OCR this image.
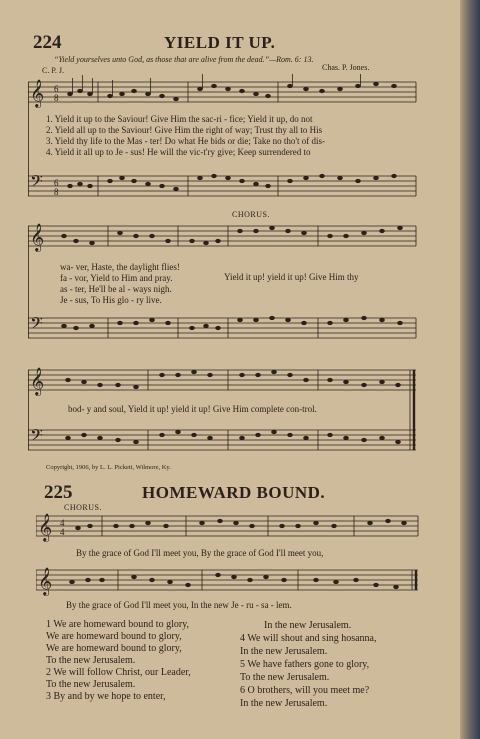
224	YIELD IT UP.
“Yield yourselves unto God, as those that are alive from the dead.”—Rom. 6: 13.
C. P. J.	Chas. P. Jones.
𝄞
𝄢
6
8
6
8
1. Yield it up to the Saviour! Give Him the sac-ri - fice; Yield it up, do not
2. Yield all up to the Saviour! Give Him the right of way; Trust thy all to His
3. Yield thy life to the Mas - ter! Do what He bids or die; Take no tho't of dis-
4. Yield it all up to Je - sus! He will the vic-t'ry give; Keep surrendered to
CHORUS.
𝄞
𝄢
wa- ver, Haste, the daylight flies!
fa - vor, Yield to Him and pray.
as - ter, He'll be al - ways nigh.
Je - sus, To His glo - ry live.
Yield it up! yield it up! Give Him thy
𝄞
𝄢
bod- y and soul, Yield it up! yield it up! Give Him complete con-trol.
Copyright, 1906, by L. L. Pickett, Wilmore, Ky.
225	HOMEWARD BOUND.
CHORUS.
𝄞 4
4
By the grace of God I'll meet you, By the grace of God I'll meet you,
𝄞
By the grace of God I'll meet you, In the new Je - ru - sa - lem.
1 We are homeward bound to glory,
We are homeward bound to glory,
We are homeward bound to glory,
To the new Jerusalem.
2 We will follow Christ, our Leader,
To the new Jerusalem.
3 By and by we hope to enter,
In the new Jerusalem.
4 We will shout and sing hosanna,
In the new Jerusalem.
5 We have fathers gone to glory,
To the new Jerusalem.
6 O brothers, will you meet me?
In the new Jerusalem.
